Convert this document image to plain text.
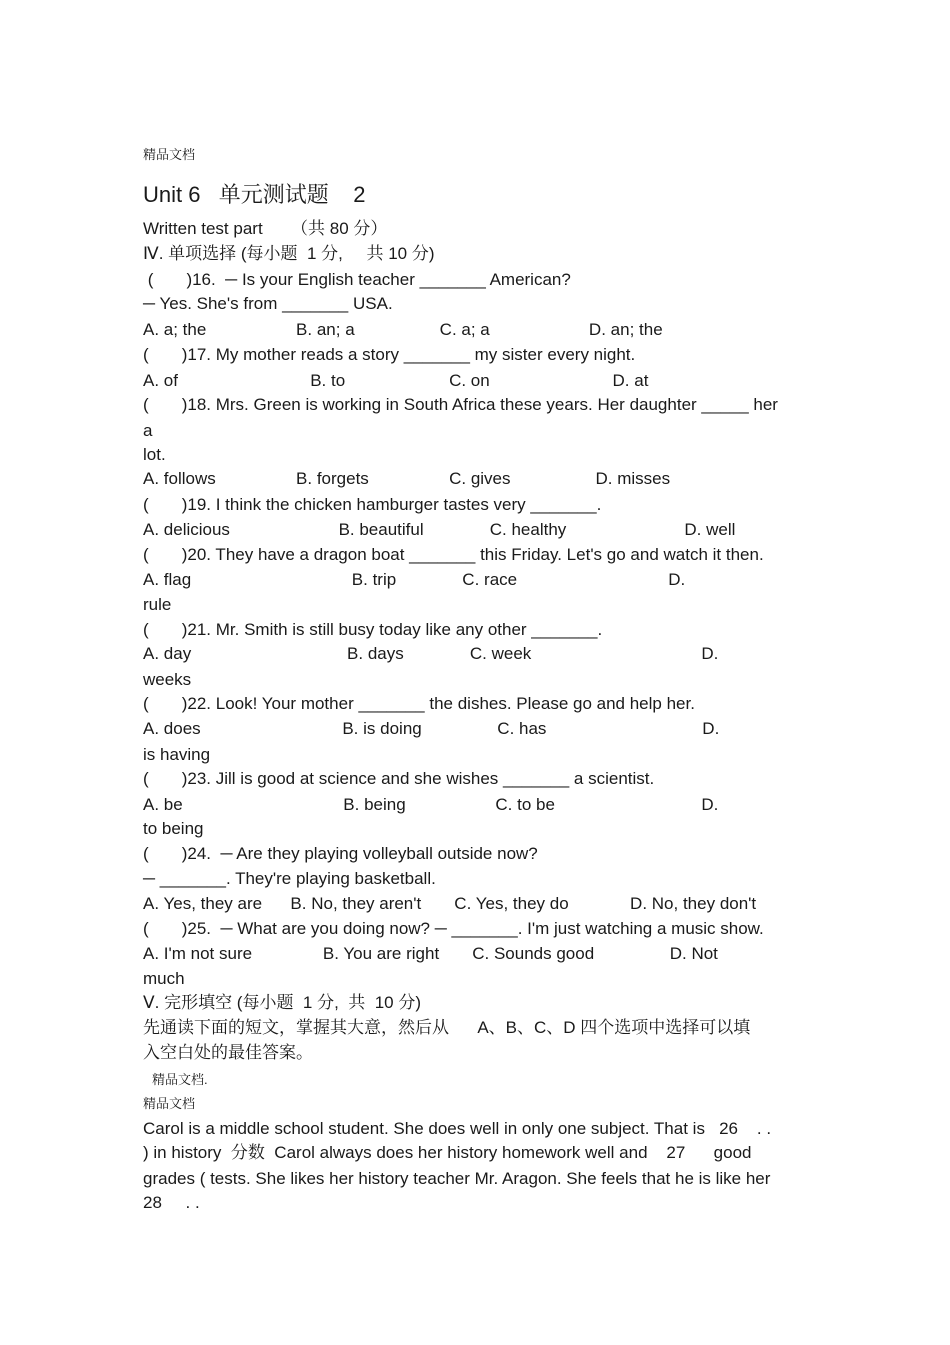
精品文档
Unit 6   单元测试题    2
Written test part      （共 80 分）
Ⅳ. 单项选择 (每小题  1 分,     共 10 分)
(       )16.  ─ Is your English teacher _______ American?
─ Yes. She's from _______ USA.
A. a; the                   B. an; a                  C. a; a                     D. an; the
(       )17. My mother reads a story _______ my sister every night.
A. of                            B. to                      C. on                          D. at
(       )18. Mrs. Green is working in South Africa these years. Her daughter _____ her
a
lot.
A. follows                 B. forgets                 C. gives                  D. misses
(       )19. I think the chicken hamburger tastes very _______.
A. delicious                       B. beautiful              C. healthy                         D. well
(       )20. They have a dragon boat _______ this Friday. Let's go and watch it then.
A. flag                                  B. trip              C. race                                D.
rule
(       )21. Mr. Smith is still busy today like any other _______.
A. day                                 B. days              C. week                                    D.
weeks
(       )22. Look! Your mother _______ the dishes. Please go and help her.
A. does                              B. is doing                C. has                                 D.
is having
(       )23. Jill is good at science and she wishes _______ a scientist.
A. be                                  B. being                   C. to be                               D.
to being
(       )24.  ─ Are they playing volleyball outside now?
─ _______. They're playing basketball.
A. Yes, they are      B. No, they aren't       C. Yes, they do             D. No, they don't
(       )25.  ─ What are you doing now? ─ _______. I'm just watching a music show.
A. I'm not sure               B. You are right       C. Sounds good                D. Not
much
Ⅴ. 完形填空 (每小题  1 分,  共  10 分)
先通读下面的短文，掌握其大意，然后从      A、B、C、D 四个选项中选择可以填
入空白处的最佳答案。
精品文档.
精品文档
Carol is a middle school student. She does well in only one subject. That is   26    . .
) in history  分数  Carol always does her history homework well and    27      good
grades ( tests. She likes her history teacher Mr. Aragon. She feels that he is like her
28     . .
